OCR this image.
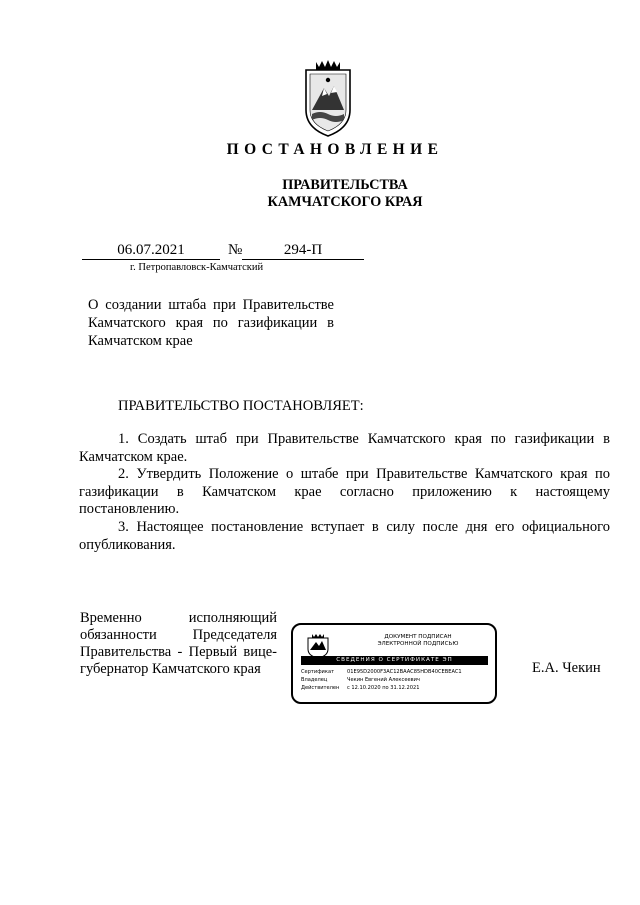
ПОСТАНОВЛЕНИЕ
ПРАВИТЕЛЬСТВА
КАМЧАТСКОГО КРАЯ
06.07.2021	№	294-П
г. Петропавловск-Камчатский
О создании штаба при Правительстве
Камчатского края по газификации в
Камчатском крае
ПРАВИТЕЛЬСТВО ПОСТАНОВЛЯЕТ:

1. Создать штаб при Правительстве Камчатского края по газификации в Камчатском крае.

2. Утвердить Положение о штабе при Правительстве Камчатского края по газификации в Камчатском крае согласно приложению к настоящему постановлению.

3. Настоящее постановление вступает в силу после дня его официального опубликования.

Временно исполняющий
обязанности Председателя
Правительства - Первый вице-
губернатор Камчатского края
ДОКУМЕНТ ПОДПИСАН
ЭЛЕКТРОННОЙ ПОДПИСЬЮ
СВЕДЕНИЯ О СЕРТИФИКАТЕ ЭП
Сертификат	01E95D2000F3AC12BAAC85HDB40CEBEAC1
Владелец	Чекин Евгений Алексеевич
Действителен с 12.10.2020 по 31.12.2021
Е.А. Чекин
